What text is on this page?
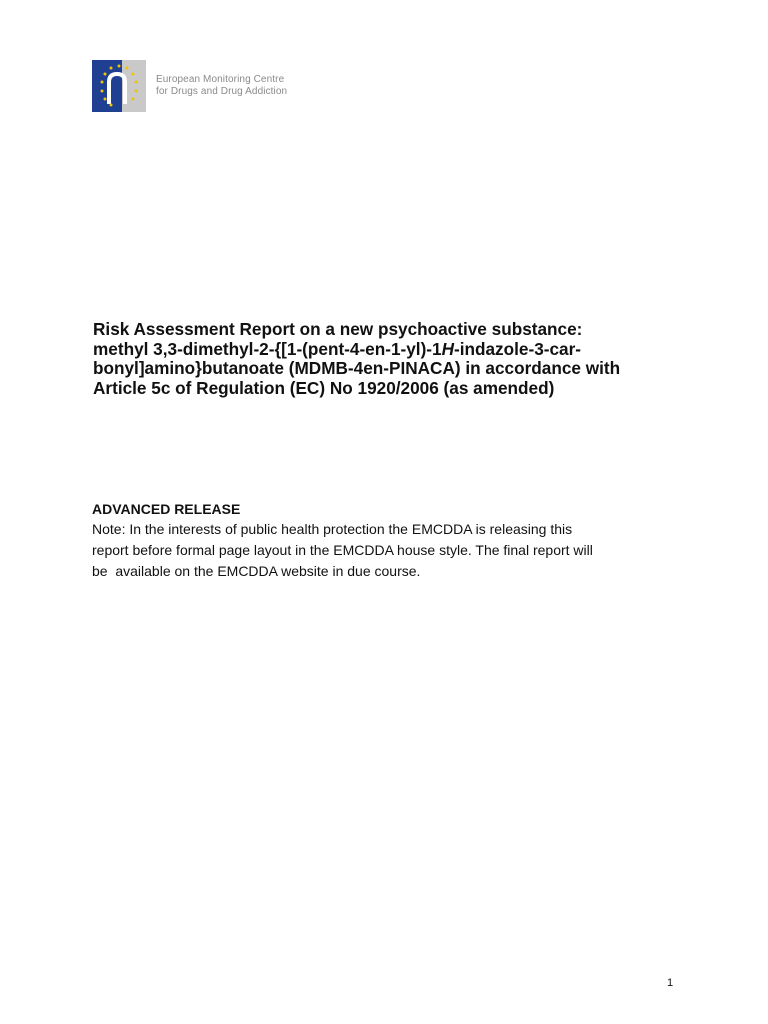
European Monitoring Centre
for Drugs and Drug Addiction
Risk Assessment Report on a new psychoactive substance:
methyl 3,3-dimethyl-2-{[1-(pent-4-en-1-yl)-1H-indazole-3-car-
bonyl]amino}butanoate (MDMB-4en-PINACA) in accordance with
Article 5c of Regulation (EC) No 1920/2006 (as amended)

ADVANCED RELEASE

Note: In the interests of public health protection the EMCDDA is releasing this
report before formal page layout in the EMCDDA house style. The final report will
be  available on the EMCDDA website in due course.

1
